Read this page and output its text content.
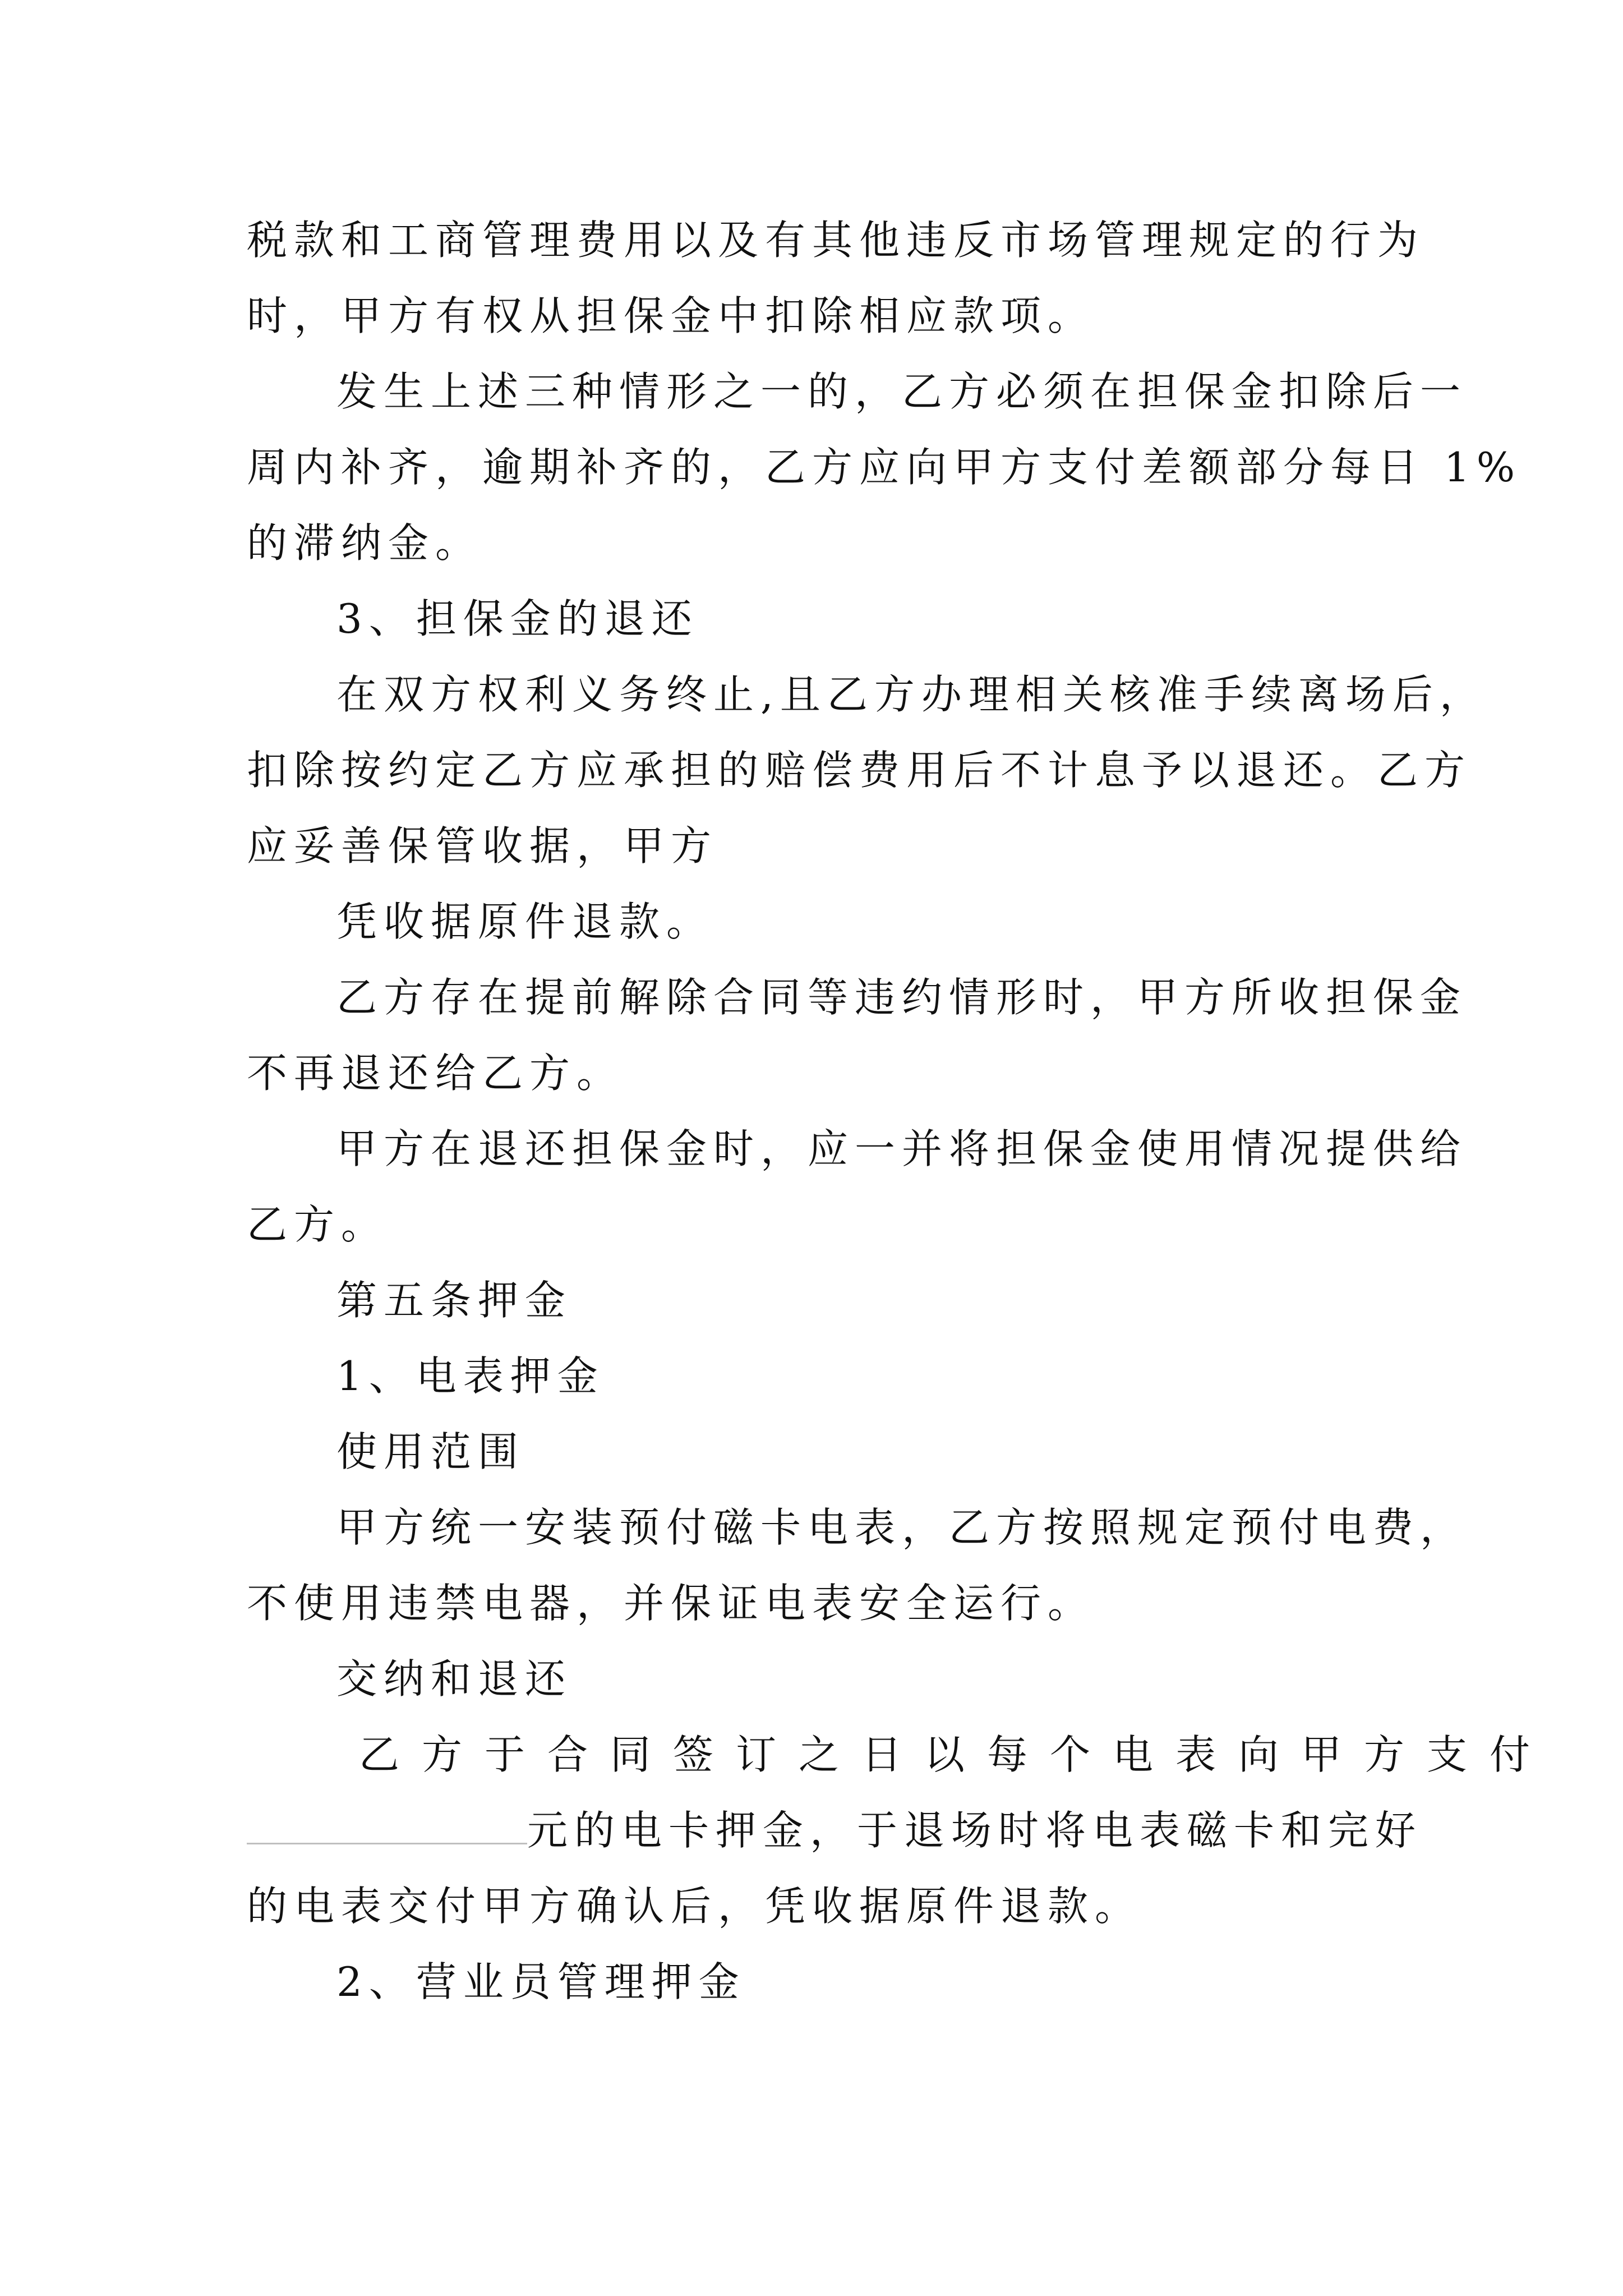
税款和工商管理费用以及有其他违反市场管理规定的行为
时，甲方有权从担保金中扣除相应款项。
发生上述三种情形之一的，乙方必须在担保金扣除后一
周内补齐，逾期补齐的，乙方应向甲方支付差额部分每日 1%
的滞纳金。
3、担保金的退还
在双方权利义务终止,且乙方办理相关核准手续离场后，
扣除按约定乙方应承担的赔偿费用后不计息予以退还。乙方
应妥善保管收据，甲方
凭收据原件退款。
乙方存在提前解除合同等违约情形时，甲方所收担保金
不再退还给乙方。
甲方在退还担保金时，应一并将担保金使用情况提供给
乙方。
第五条押金
1、电表押金
使用范围
甲方统一安装预付磁卡电表，乙方按照规定预付电费，
不使用违禁电器，并保证电表安全运行。
交纳和退还
乙方于合同签订之日以每个电表向甲方支付
元的电卡押金，于退场时将电表磁卡和完好
的电表交付甲方确认后，凭收据原件退款。
2、营业员管理押金
